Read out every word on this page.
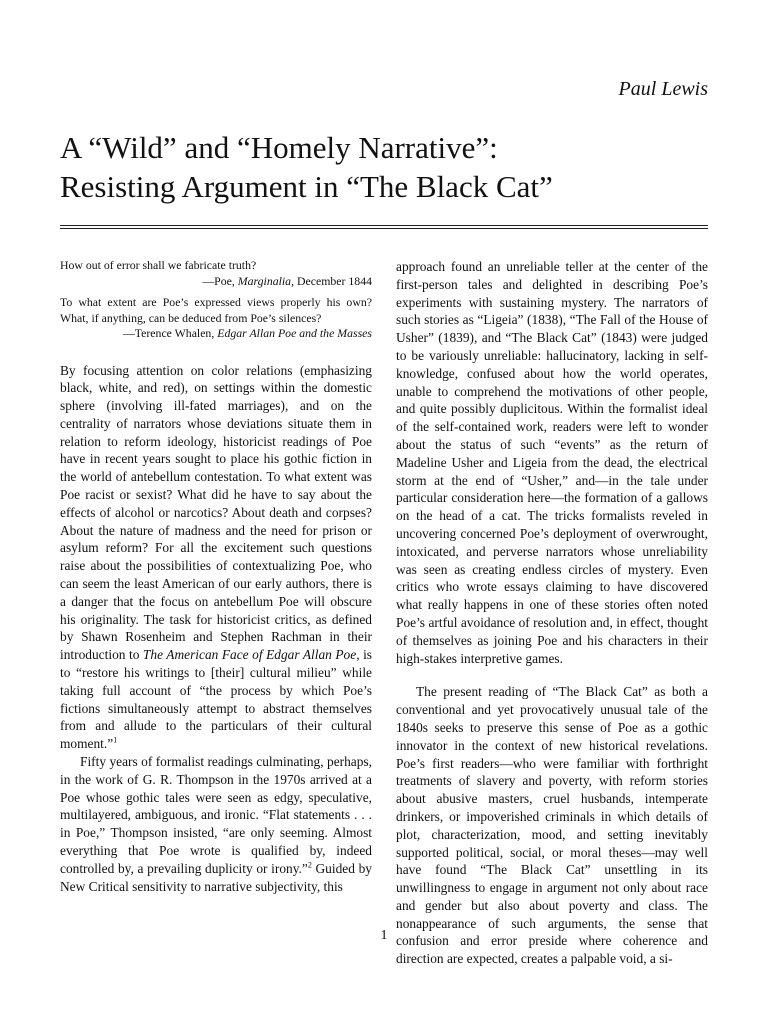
Paul Lewis

A “Wild” and “Homely Narrative”:
Resisting Argument in “The Black Cat”

How out of error shall we fabricate truth?

—Poe, Marginalia, December 1844

To what extent are Poe’s expressed views properly his own? What, if anything, can be deduced from Poe’s silences?

—Terence Whalen, Edgar Allan Poe and the Masses

By focusing attention on color relations (emphasizing black, white, and red), on settings within the domestic sphere (involving ill-fated marriages), and on the centrality of narrators whose deviations situate them in relation to reform ideology, historicist readings of Poe have in recent years sought to place his gothic fiction in the world of antebellum contestation. To what extent was Poe racist or sexist? What did he have to say about the effects of alcohol or narcotics? About death and corpses? About the nature of madness and the need for prison or asylum reform? For all the excitement such questions raise about the possibilities of contextualizing Poe, who can seem the least American of our early authors, there is a danger that the focus on antebellum Poe will obscure his originality. The task for historicist critics, as defined by Shawn Rosenheim and Stephen Rachman in their introduction to The American Face of Edgar Allan Poe, is to “restore his writings to [their] cultural milieu” while taking full account of “the process by which Poe’s fictions simultaneously attempt to abstract themselves from and allude to the particulars of their cultural moment.”$^1$

Fifty years of formalist readings culminating, perhaps, in the work of G. R. Thompson in the 1970s arrived at a Poe whose gothic tales were seen as edgy, speculative, multilayered, ambiguous, and ironic. “Flat statements . . . in Poe,” Thompson insisted, “are only seeming. Almost everything that Poe wrote is qualified by, indeed controlled by, a prevailing duplicity or irony.”$^2$ Guided by New Critical sensitivity to narrative subjectivity, this

approach found an unreliable teller at the center of the first-person tales and delighted in describing Poe’s experiments with sustaining mystery. The narrators of such stories as “Ligeia” (1838), “The Fall of the House of Usher” (1839), and “The Black Cat” (1843) were judged to be variously unreliable: hallucinatory, lacking in self-knowledge, confused about how the world operates, unable to comprehend the motivations of other people, and quite possibly duplicitous. Within the formalist ideal of the self-contained work, readers were left to wonder about the status of such “events” as the return of Madeline Usher and Ligeia from the dead, the electrical storm at the end of “Usher,” and—in the tale under particular consideration here—the formation of a gallows on the head of a cat. The tricks formalists reveled in uncovering concerned Poe’s deployment of overwrought, intoxicated, and perverse narrators whose unreliability was seen as creating endless circles of mystery. Even critics who wrote essays claiming to have discovered what really happens in one of these stories often noted Poe’s artful avoidance of resolution and, in effect, thought of themselves as joining Poe and his characters in their high-stakes interpretive games.

The present reading of “The Black Cat” as both a conventional and yet provocatively unusual tale of the 1840s seeks to preserve this sense of Poe as a gothic innovator in the context of new historical revelations. Poe’s first readers—who were familiar with forthright treatments of slavery and poverty, with reform stories about abusive masters, cruel husbands, intemperate drinkers, or impoverished criminals in which details of plot, characterization, mood, and setting inevitably supported political, social, or moral theses—may well have found “The Black Cat” unsettling in its unwillingness to engage in argument not only about race and gender but also about poverty and class. The nonappearance of such arguments, the sense that confusion and error preside where coherence and direction are expected, creates a palpable void, a si-

1
